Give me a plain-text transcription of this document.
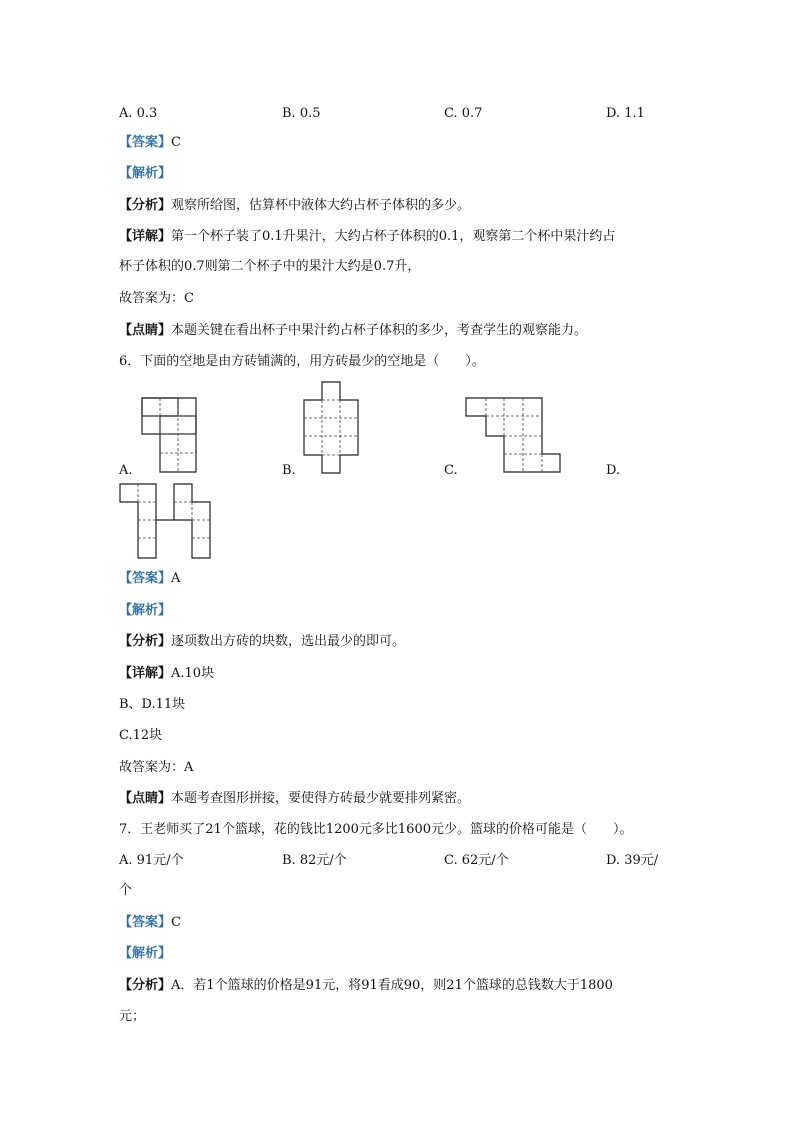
A. 0.3	B. 0.5	C. 0.7	D. 1.1
【答案】C
【解析】
【分析】观察所给图，估算杯中液体大约占杯子体积的多少。
【详解】第一个杯子装了0.1升果汁，大约占杯子体积的0.1，观察第二个杯中果汁约占
杯子体积的0.7则第二个杯子中的果汁大约是0.7升，
故答案为：C
【点睛】本题关键在看出杯子中果汁约占杯子体积的多少，考查学生的观察能力。
6．下面的空地是由方砖铺满的，用方砖最少的空地是（　　）。
A.	B.	C.	D.
【答案】A
【解析】
【分析】逐项数出方砖的块数，选出最少的即可。
【详解】A.10块
B、D.11块
C.12块
故答案为：A
【点睛】本题考查图形拼接，要使得方砖最少就要排列紧密。
7．王老师买了21个篮球，花的钱比1200元多比1600元少。篮球的价格可能是（　　）。
A. 91元/个	B. 82元/个	C. 62元/个	D. 39元/
个
【答案】C
【解析】
【分析】A．若1个篮球的价格是91元，将91看成90，则21个篮球的总钱数大于1800
元；
